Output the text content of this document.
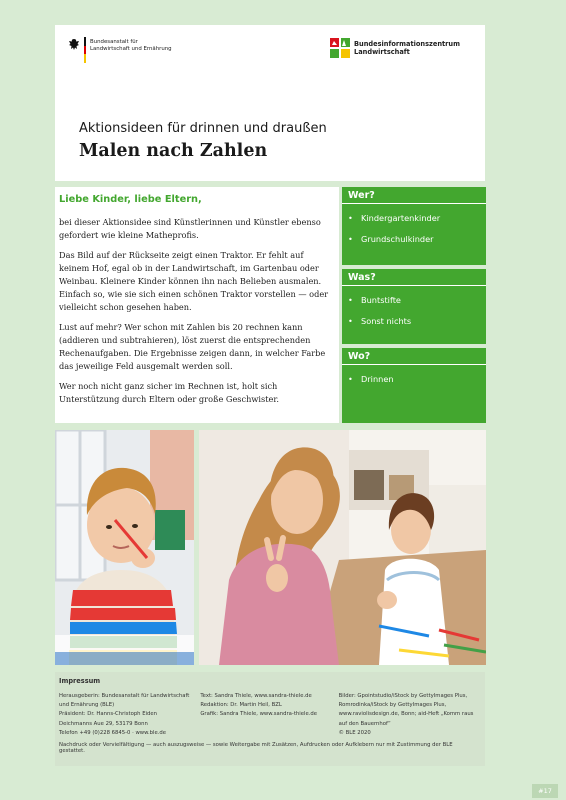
Bundesanstalt für
Landwirtschaft und Ernährung
Bundesinformationszentrum
Landwirtschaft
Aktionsideen für drinnen und draußen
Malen nach Zahlen
Liebe Kinder, liebe Eltern,

bei dieser Aktionsidee sind Künstlerinnen und Künstler ebenso gefordert wie kleine Matheprofis.

Das Bild auf der Rückseite zeigt einen Traktor. Er fehlt auf keinem Hof, egal ob in der Landwirtschaft, im Gartenbau oder Weinbau. Kleinere Kinder können ihn nach Belieben ausmalen. Einfach so, wie sie sich einen schönen Traktor vorstellen — oder vielleicht schon gesehen haben.

Lust auf mehr? Wer schon mit Zahlen bis 20 rechnen kann (addieren und subtrahieren), löst zuerst die entsprechenden Rechenaufgaben. Die Ergebnisse zeigen dann, in welcher Farbe das jeweilige Feld ausgemalt werden soll.

Wer noch nicht ganz sicher im Rechnen ist, holt sich Unterstützung durch Eltern oder große Geschwister.

Wer?
• Kindergartenkinder
• Grundschulkinder
Was?
• Buntstifte
• Sonst nichts
Wo?
• Drinnen
Impressum
Herausgeberin: Bundesanstalt für Landwirtschaft
und Ernährung (BLE)
Präsident: Dr. Hanns-Christoph Eiden
Deichmanns Aue 29, 53179 Bonn
Telefon +49 (0)228 6845-0 · www.ble.de
Text: Sandra Thiele, www.sandra-thiele.de
Redaktion: Dr. Martin Heil, BZL
Grafik: Sandra Thiele, www.sandra-thiele.de
Bilder: Gpointstudio/iStock by GettyImages Plus,
Romrodinka/iStock by GettyImages Plus,
www.raviolisdesign.de, Bonn; aid-Heft „Komm raus
auf den Bauernhof“
© BLE 2020
Nachdruck oder Vervielfältigung — auch auszugsweise — sowie Weitergabe mit Zusätzen, Aufdrucken oder Aufklebern nur mit Zustimmung der BLE gestattet.
#17
